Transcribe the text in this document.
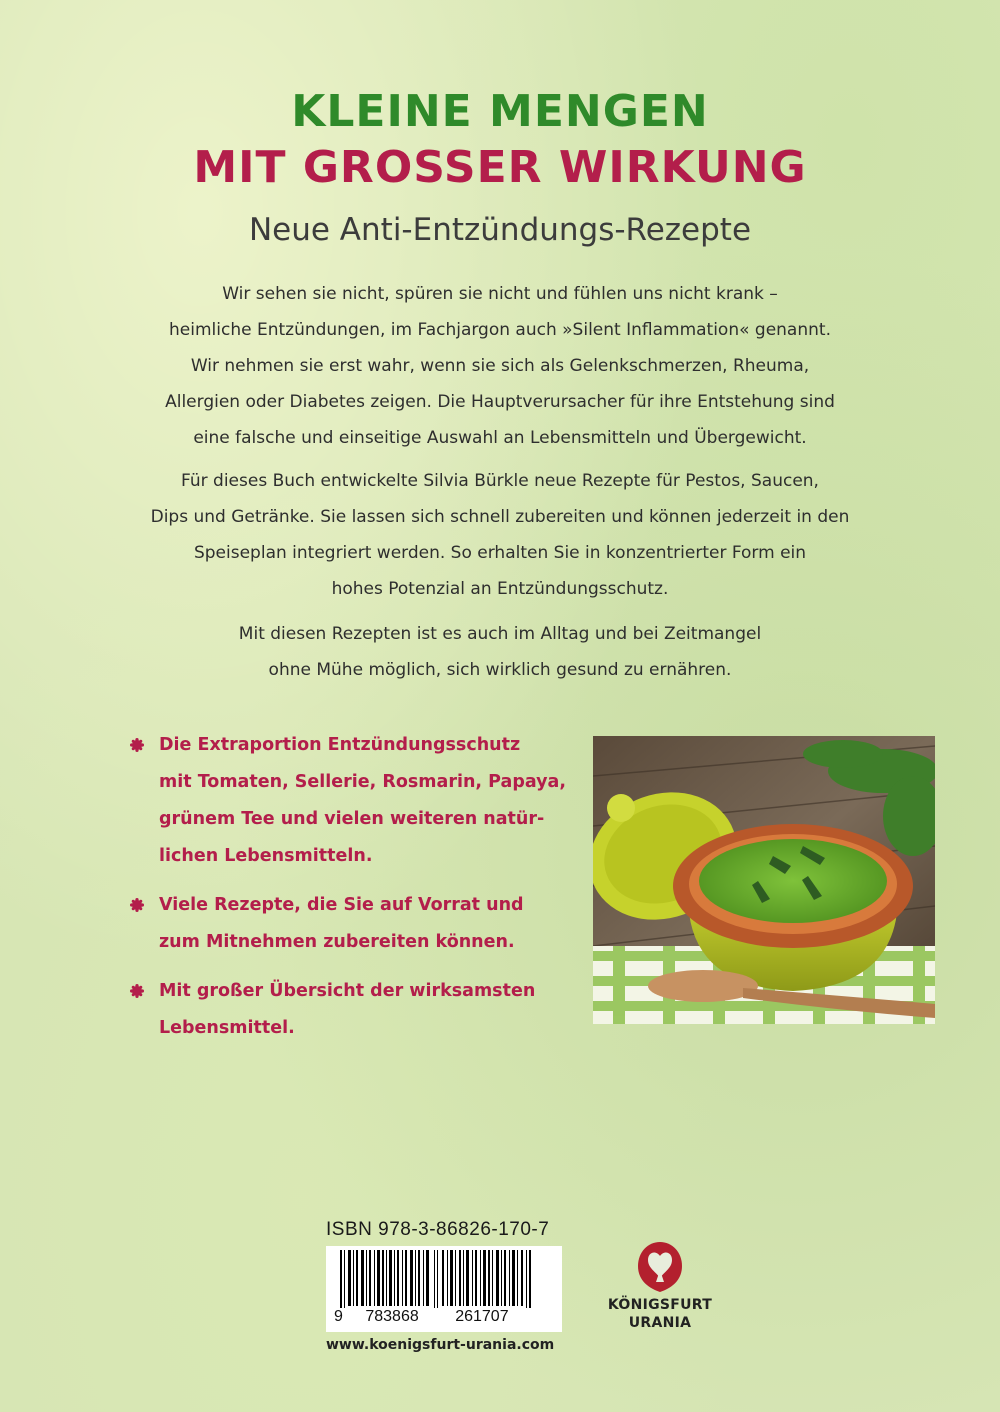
KLEINE MENGEN
MIT GROSSER WIRKUNG
Neue Anti-Entzündungs-Rezepte

Wir sehen sie nicht, spüren sie nicht und fühlen uns nicht krank –
heimliche Entzündungen, im Fachjargon auch »Silent Inflammation« genannt.
Wir nehmen sie erst wahr, wenn sie sich als Gelenkschmerzen, Rheuma,
Allergien oder Diabetes zeigen. Die Hauptverursacher für ihre Entstehung sind
eine falsche und einseitige Auswahl an Lebensmitteln und Übergewicht.

Für dieses Buch entwickelte Silvia Bürkle neue Rezepte für Pestos, Saucen,
Dips und Getränke. Sie lassen sich schnell zubereiten und können jederzeit in den
Speiseplan integriert werden. So erhalten Sie in konzentrierter Form ein
hohes Potenzial an Entzündungsschutz.

Mit diesen Rezepten ist es auch im Alltag und bei Zeitmangel
ohne Mühe möglich, sich wirklich gesund zu ernähren.

Die Extraportion Entzündungsschutz
mit Tomaten, Sellerie, Rosmarin, Papaya,
grünem Tee und vielen weiteren natür-
lichen Lebensmitteln.
Viele Rezepte, die Sie auf Vorrat und
zum Mitnehmen zubereiten können.
Mit großer Übersicht der wirksamsten
Lebensmittel.
ISBN 978-3-86826-170-7
9 783868 261707
www.koenigsfurt-urania.com
KÖNIGSFURT
URANIA
